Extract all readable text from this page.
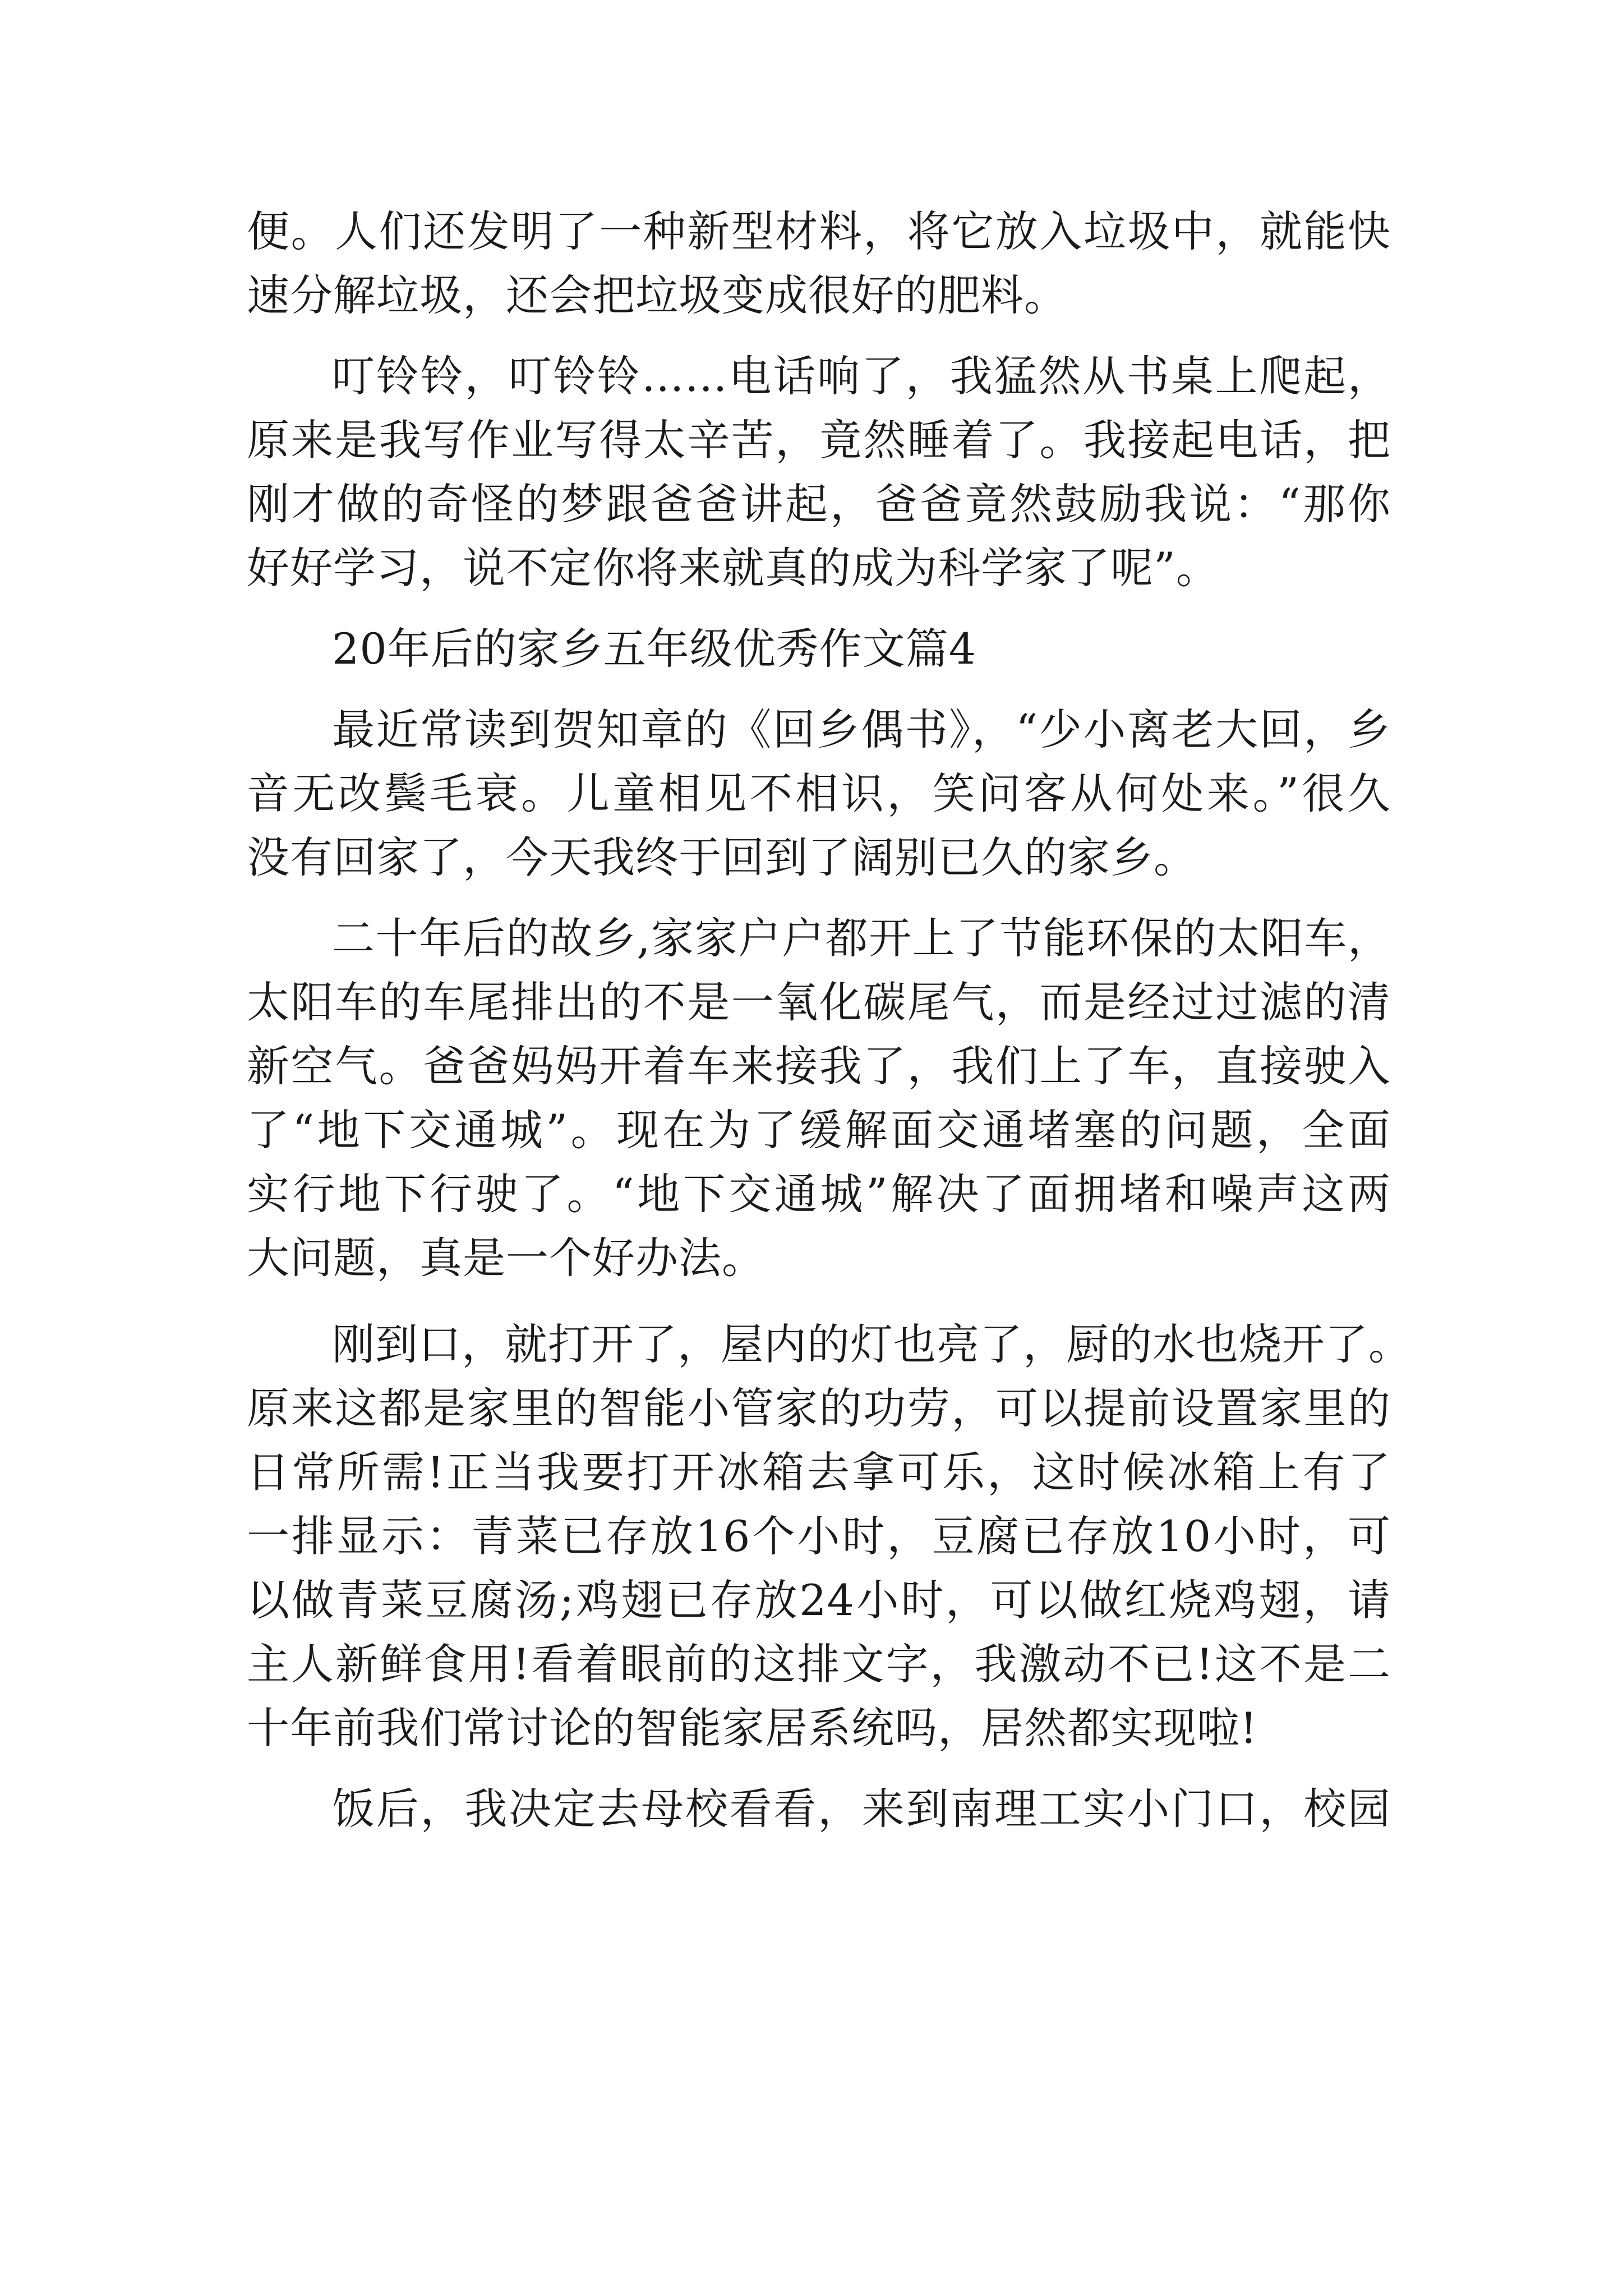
便。人们还发明了一种新型材料，将它放入垃圾中，就能快
速分解垃圾，还会把垃圾变成很好的肥料。
叮铃铃，叮铃铃……电话响了，我猛然从书桌上爬起，
原来是我写作业写得太辛苦，竟然睡着了。我接起电话，把
刚才做的奇怪的梦跟爸爸讲起，爸爸竟然鼓励我说：“那你
好好学习，说不定你将来就真的成为科学家了呢”。
20年后的家乡五年级优秀作文篇4
最近常读到贺知章的《回乡偶书》，“少小离老大回，乡
音无改鬓毛衰。儿童相见不相识，笑问客从何处来。”很久
没有回家了，今天我终于回到了阔别已久的家乡。
二十年后的故乡,家家户户都开上了节能环保的太阳车，
太阳车的车尾排出的不是一氧化碳尾气，而是经过过滤的清
新空气。爸爸妈妈开着车来接我了，我们上了车，直接驶入
了“地下交通城”。现在为了缓解面交通堵塞的问题，全面
实行地下行驶了。“地下交通城”解决了面拥堵和噪声这两
大问题，真是一个好办法。
刚到口，就打开了，屋内的灯也亮了，厨的水也烧开了。
原来这都是家里的智能小管家的功劳，可以提前设置家里的
日常所需!正当我要打开冰箱去拿可乐，这时候冰箱上有了
一排显示：青菜已存放16个小时，豆腐已存放10小时，可
以做青菜豆腐汤;鸡翅已存放24小时，可以做红烧鸡翅，请
主人新鲜食用!看着眼前的这排文字，我激动不已!这不是二
十年前我们常讨论的智能家居系统吗，居然都实现啦!
饭后，我决定去母校看看，来到南理工实小门口，校园
